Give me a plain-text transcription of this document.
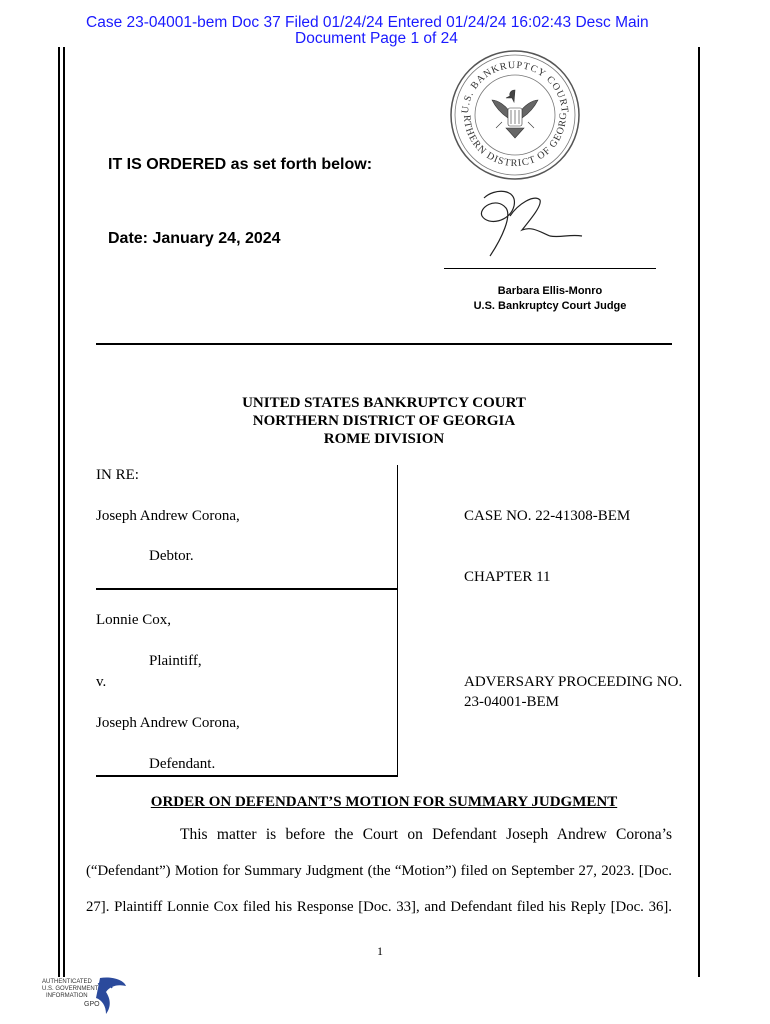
Case 23-04001-bem Doc 37 Filed 01/24/24 Entered 01/24/24 16:02:43 Desc Main
Document Page 1 of 24
U.S. BANKRUPTCY COURT
RTHERN DISTRICT OF GEORG
IT IS ORDERED as set forth below:
Date: January 24, 2024
Barbara Ellis-Monro
U.S. Bankruptcy Court Judge
UNITED STATES BANKRUPTCY COURT
NORTHERN DISTRICT OF GEORGIA
ROME DIVISION
IN RE:
Joseph Andrew Corona,
Debtor.
CASE NO. 22-41308-BEM
CHAPTER 11
Lonnie Cox,
Plaintiff,
v.
Joseph Andrew Corona,
Defendant.
ADVERSARY PROCEEDING NO.
23-04001-BEM
ORDER ON DEFENDANT’S MOTION FOR SUMMARY JUDGMENT
This matter is before the Court on Defendant Joseph Andrew Corona’s
(“Defendant”) Motion for Summary Judgment (the “Motion”) filed on September 27, 2023. [Doc.
27]. Plaintiff Lonnie Cox filed his Response [Doc. 33], and Defendant filed his Reply [Doc. 36].
1
AUTHENTICATED
U.S. GOVERNMENT
INFORMATION
GPO
